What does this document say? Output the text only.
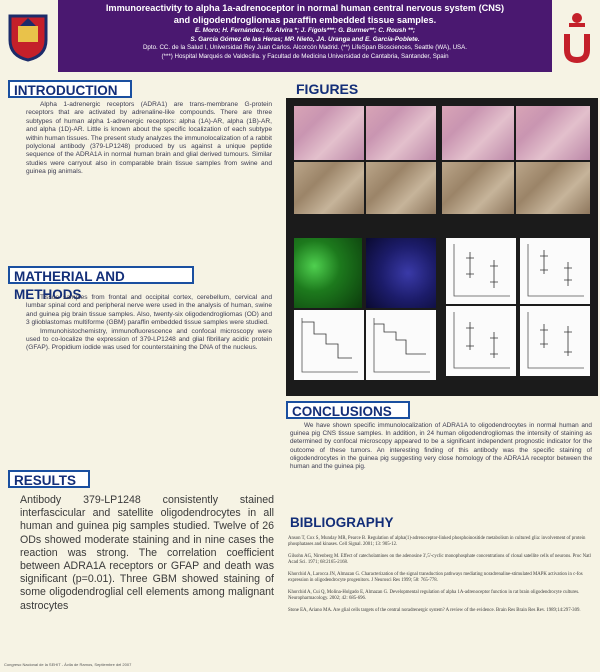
Immunoreactivity to alpha 1a-adrenoceptor in normal human central nervous system (CNS)
and oligodendrogliomas paraffin embedded tissue samples.
E. Moro; H. Fernández; M. Alvira *; J. Fígols***; G. Burmer**; C. Roush **;
S. García Gómez de las Heras; MP. Nieto, JA. Uranga and E. García-Poblete.
Dpto. CC. de la Salud I, Universidad Rey Juan Carlos. Alcorcón Madrid. (**) LifeSpan Biosciences, Seattle (WA), USA.
(***) Hospital Marqués de Valdecilla. y Facultad de Medicina Universidad de Cantabria, Santander, Spain
INTRODUCTION

Alpha 1-adrenergic receptors (ADRA1) are trans-membrane G-protein receptors that are activated by adrenaline-like compounds. There are three subtypes of human alpha 1-adrenergic receptors: alpha (1A)-AR, alpha (1B)-AR, and alpha (1D)-AR. Little is known about the specific localization of each subtype within human tissues. The present study analyzes the immunolocalization of a rabbit polyclonal antibody (379-LP1248) produced by us against a unique peptide sequence of the ADRA1A in normal human brain and glial derived tumours. Similar studies were carryout also in comparable brain tissue samples from swine and guinea pig animals.

MATHERIAL AND METHODS

Tissue samples from frontal and occipital cortex, cerebellum, cervical and lumbar spinal cord and peripheral nerve were used in the analysis of human, swine and guinea pig brain tissue samples. Also, twenty-six oligodendrogliomas (OD) and 3 glioblastomas multiforme (GBM) paraffin embedded tissue samples were studied.

Immunohistochemistry, immunofluorescence and confocal microscopy were used to co-localize the expression of 379-LP1248 and glial fibrillary acidic protein (GFAP). Propidium iodide was used for counterstaining the DNA of the nucleus.

RESULTS
Antibody 379-LP1248 consistently stained interfascicular and satellite oligodendrocytes in all human and guinea pig samples studied. Twelve of 26 ODs showed moderate staining and in nine cases the reaction was strong. The correlation coefficient between ADRA1A receptors or GFAP and death was significant (p=0.01). Three GBM showed staining of some oligodendroglial cell elements among malignant astrocytes
FIGURES
CONCLUSIONS

We have shown specific immunolocalization of ADRA1A to oligodendrocytes in normal human and guinea pig CNS tissue samples. In addition, in 24 human oligodendrogliomas the intensity of staining as determined by confocal microscopy appeared to be a significant independent prognostic indicator for the outcome of these tumors. An interesting finding of this antibody was the specific staining of oligodendrocytes in the guinea pig suggesting very close homology of the ADRA1A receptor between the human and the guinea pig.

BIBLIOGRAPHY
Anson T, Cox S, Munday MR, Pearce B. Regulation of alpha(1)-adrenoceptor-linked phosphoinositide metabolism in cultured glia: involvement of protein phosphatases and kinases. Cell Signal. 2001; 13: 905-12.
Gilsohn AG, Nirenberg M. Effect of catecholamines on the adenosine 3',5'-cyclic monophosphate concentrations of clonal satellite cells of neurons. Proc Natl Acad Sci. 1971; 68:2165-2168.
Khorchid A, Larocca JN, Almazan G. Characterization of the signal transduction pathways mediating noradrenaline-stimulated MAPK activation in c-fos expression in oligodendrocyte progenitors. J Neurosci Res 1999; 58: 765-778.
Khorchid A, Cui Q, Molina-Holgado E, Almazan G. Developmental regulation of alpha 1A-adrenoceptor function in rat brain oligodendrocyte cultures. Neuropharmacology. 2002; 42: 685-696.
Stone EA, Ariano MA. Are glial cells targets of the central noradrenergic system? A review of the evidence. Brain Res Brain Res Rev. 1989;14:297-309.
Congreso Nacional de la SEHIT - Ávila de Ramos, Septiembre del 2007
